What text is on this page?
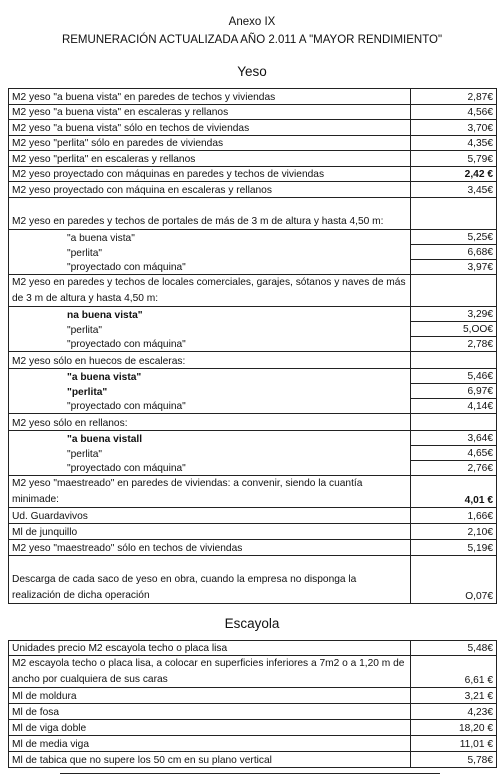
Anexo IX
REMUNERACIÓN ACTUALIZADA AÑO 2.011 A "MAYOR RENDIMIENTO"
Yeso
M2 yeso "a buena vista" en paredes de techos y viviendas	2,87€
M2 yeso "a buena vista" en escaleras y rellanos	4,56€
M2 yeso "a buena vista" sólo en techos de viviendas	3,70€
M2 yeso "perlita" sólo en paredes de viviendas	4,35€
M2 yeso "perlita" en escaleras y rellanos	5,79€
M2 yeso proyectado con máquinas en paredes y techos de viviendas	2,42 €
M2 yeso proyectado con máquina en escaleras y rellanos	3,45€
M2 yeso en paredes y techos de portales de más de 3 m de altura y hasta 4,50 m:	
"a buena vista"	5,25€
"perlita"	6,68€
"proyectado con máquina"	3,97€
M2 yeso en paredes y techos de locales comerciales, garajes, sótanos y naves de más de 3 m de altura y hasta 4,50 m:	
na buena vista"	3,29€
"perlita"	5,OO€
"proyectado con máquina"	2,78€
M2 yeso sólo en huecos de escaleras:	
"a buena vista"	5,46€
"perlita"	6,97€
"proyectado con máquina"	4,14€
M2 yeso sólo en rellanos:	
"a buena vistall	3,64€
"perlita"	4,65€
"proyectado con máquina"	2,76€
M2 yeso "maestreado" en paredes de viviendas: a convenir, siendo la cuantía minimade:	4,01 €
Ud. Guardavivos	1,66€
Ml de junquillo	2,10€
M2 yeso "maestreado" sólo en techos de viviendas	5,19€
Descarga de cada saco de yeso en obra, cuando la empresa no disponga la realización de dicha operación	O,07€
Escayola
Unidades precio M2 escayola techo o placa lisa	5,48€
M2 escayola techo o placa lisa, a colocar en superficies inferiores a 7m2 o a 1,20 m de ancho por cualquiera de sus caras	6,61 €
Ml de moldura	3,21 €
Ml de fosa	4,23€
Ml de viga doble	18,20 €
Ml de media viga	11,01 €
Ml de tabica que no supere los 50 cm en su plano vertical	5,78€
